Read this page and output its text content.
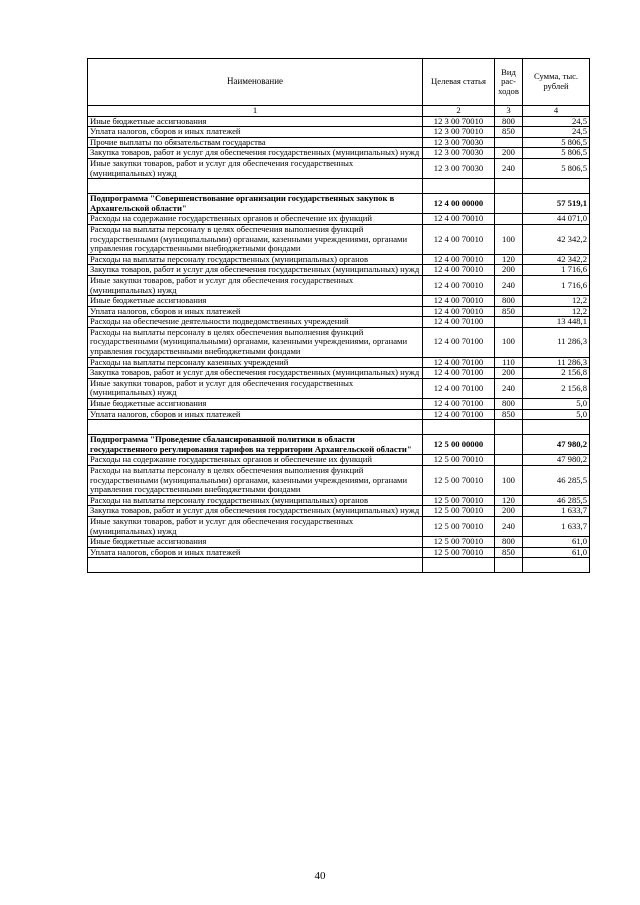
Наименование	Целевая статья	Вид рас-ходов	Сумма, тыс. рублей
1	2	3	4
Иные бюджетные ассигнования	12 3 00 70010	800	24,5
Уплата налогов, сборов и иных платежей	12 3 00 70010	850	24,5
Прочие выплаты по обязательствам государства	12 3 00 70030		5 806,5
Закупка товаров, работ и услуг для обеспечения государственных (муниципальных) нужд	12 3 00 70030	200	5 806,5
Иные закупки товаров, работ и услуг для обеспечения государственных (муниципальных) нужд	12 3 00 70030	240	5 806,5

Подпрограмма "Совершенствование организации государственных закупок в Архангельской области"	12 4 00 00000		57 519,1
Расходы на содержание государственных органов и обеспечение их функций	12 4 00 70010		44 071,0
Расходы на выплаты персоналу в целях обеспечения выполнения функций государственными (муниципальными) органами, казенными учреждениями, органами управления государственными внебюджетными фондами	12 4 00 70010	100	42 342,2
Расходы на выплаты персоналу государственных (муниципальных) органов	12 4 00 70010	120	42 342,2
Закупка товаров, работ и услуг для обеспечения государственных (муниципальных) нужд	12 4 00 70010	200	1 716,6
Иные закупки товаров, работ и услуг для обеспечения государственных (муниципальных) нужд	12 4 00 70010	240	1 716,6
Иные бюджетные ассигнования	12 4 00 70010	800	12,2
Уплата налогов, сборов и иных платежей	12 4 00 70010	850	12,2
Расходы на обеспечение деятельности подведомственных учреждений	12 4 00 70100		13 448,1
Расходы на выплаты персоналу в целях обеспечения выполнения функций государственными (муниципальными) органами, казенными учреждениями, органами управления государственными внебюджетными фондами	12 4 00 70100	100	11 286,3
Расходы на выплаты персоналу казенных учреждений	12 4 00 70100	110	11 286,3
Закупка товаров, работ и услуг для обеспечения государственных (муниципальных) нужд	12 4 00 70100	200	2 156,8
Иные закупки товаров, работ и услуг для обеспечения государственных (муниципальных) нужд	12 4 00 70100	240	2 156,8
Иные бюджетные ассигнования	12 4 00 70100	800	5,0
Уплата налогов, сборов и иных платежей	12 4 00 70100	850	5,0

Подпрограмма "Проведение сбалансированной политики в области государственного регулирования тарифов на территории Архангельской области"	12 5 00 00000		47 980,2
Расходы на содержание государственных органов и обеспечение их функций	12 5 00 70010		47 980,2
Расходы на выплаты персоналу в целях обеспечения выполнения функций государственными (муниципальными) органами, казенными учреждениями, органами управления государственными внебюджетными фондами	12 5 00 70010	100	46 285,5
Расходы на выплаты персоналу государственных (муниципальных) органов	12 5 00 70010	120	46 285,5
Закупка товаров, работ и услуг для обеспечения государственных (муниципальных) нужд	12 5 00 70010	200	1 633,7
Иные закупки товаров, работ и услуг для обеспечения государственных (муниципальных) нужд	12 5 00 70010	240	1 633,7
Иные бюджетные ассигнования	12 5 00 70010	800	61,0
Уплата налогов, сборов и иных платежей	12 5 00 70010	850	61,0

40
